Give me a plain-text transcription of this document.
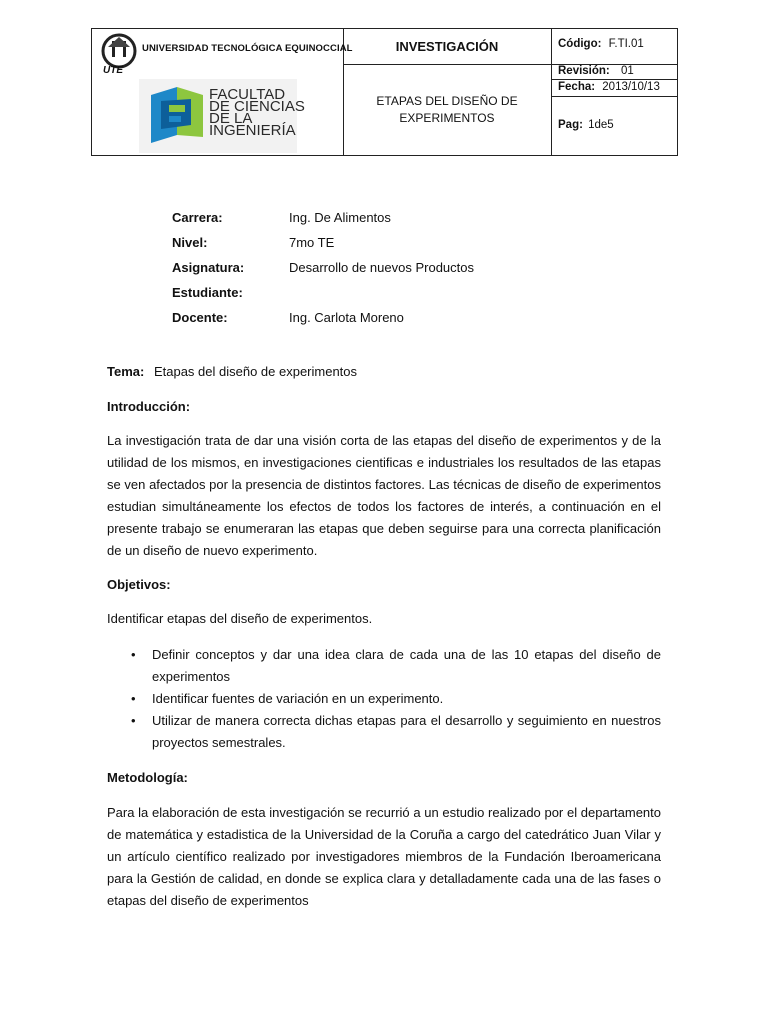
UTE
UNIVERSIDAD TECNOLÓGICA EQUINOCCIAL
FACULTAD
DE CIENCIAS
DE LA
INGENIERÍA
INVESTIGACIÓN
ETAPAS DEL DISEÑO DE
EXPERIMENTOS
Código: F.TI.01
Revisión: 01
Fecha: 2013/10/13
Pag: 1de5
Carrera:	Ing. De Alimentos
Nivel:	7mo TE
Asignatura:	Desarrollo de nuevos Productos
Estudiante:
Docente:	Ing. Carlota Moreno
Tema: Etapas del diseño de experimentos
Introducción:
La investigación trata de dar una visión corta de las etapas del diseño de experimentos y de la utilidad de los mismos, en investigaciones cientificas e industriales los resultados de las etapas se ven afectados por la presencia de distintos factores. Las técnicas de diseño de experimentos estudian simultáneamente los efectos de todos los factores de interés, a continuación en el presente trabajo se enumeraran las etapas que deben seguirse para una correcta planificación de un diseño de nuevo experimento.
Objetivos:
Identificar etapas del diseño de experimentos.
• Definir conceptos y dar una idea clara de cada una de las 10 etapas del diseño de experimentos
• Identificar fuentes de variación en un experimento.
• Utilizar de manera correcta dichas etapas para el desarrollo y seguimiento en nuestros proyectos semestrales.
Metodología:
Para la elaboración de esta investigación se recurrió a un estudio realizado por el departamento de matemática y estadistica de la Universidad de la Coruña a cargo del catedrático Juan Vilar y un artículo científico realizado por investigadores miembros de la Fundación Iberoamericana para la Gestión de calidad, en donde se explica clara y detalladamente cada una de las fases o etapas del diseño de experimentos
